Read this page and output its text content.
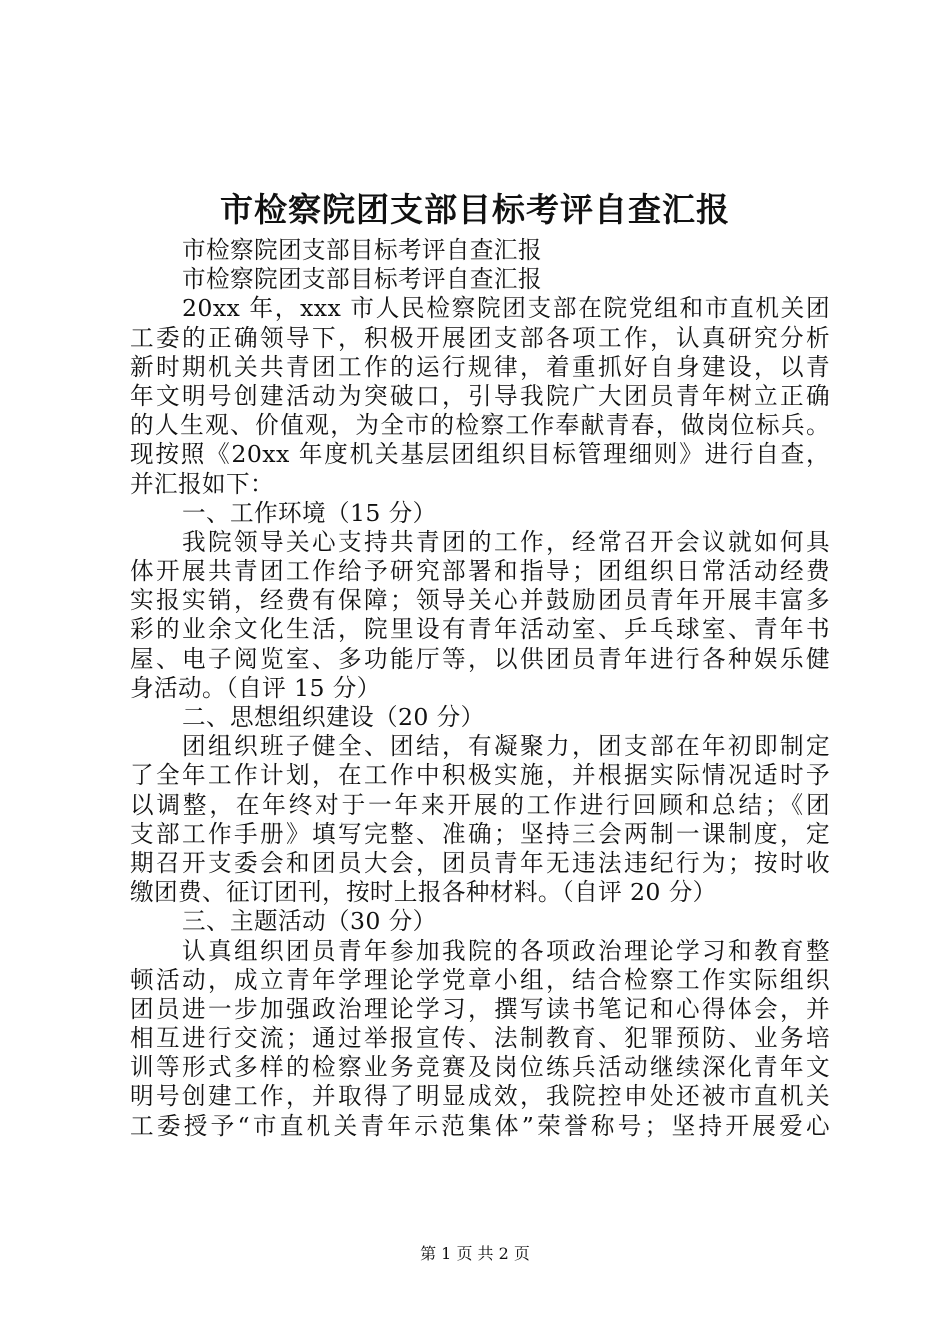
市检察院团支部目标考评自查汇报
市检察院团支部目标考评自查汇报
市检察院团支部目标考评自查汇报
20xx 年，xxx 市人民检察院团支部在院党组和市直机关团
工委的正确领导下，积极开展团支部各项工作，认真研究分析
新时期机关共青团工作的运行规律，着重抓好自身建设，以青
年文明号创建活动为突破口，引导我院广大团员青年树立正确
的人生观、价值观，为全市的检察工作奉献青春，做岗位标兵。
现按照《20xx 年度机关基层团组织目标管理细则》进行自查，
并汇报如下：
一、工作环境（15 分）
我院领导关心支持共青团的工作，经常召开会议就如何具
体开展共青团工作给予研究部署和指导；团组织日常活动经费
实报实销，经费有保障；领导关心并鼓励团员青年开展丰富多
彩的业余文化生活，院里设有青年活动室、乒乓球室、青年书
屋、电子阅览室、多功能厅等，以供团员青年进行各种娱乐健
身活动。（自评 15 分）
二、思想组织建设（20 分）
团组织班子健全、团结，有凝聚力，团支部在年初即制定
了全年工作计划，在工作中积极实施，并根据实际情况适时予
以调整，在年终对于一年来开展的工作进行回顾和总结；《团
支部工作手册》填写完整、准确；坚持三会两制一课制度，定
期召开支委会和团员大会，团员青年无违法违纪行为；按时收
缴团费、征订团刊，按时上报各种材料。（自评 20 分）
三、主题活动（30 分）
认真组织团员青年参加我院的各项政治理论学习和教育整
顿活动，成立青年学理论学党章小组，结合检察工作实际组织
团员进一步加强政治理论学习，撰写读书笔记和心得体会，并
相互进行交流；通过举报宣传、法制教育、犯罪预防、业务培
训等形式多样的检察业务竞赛及岗位练兵活动继续深化青年文
明号创建工作，并取得了明显成效，我院控申处还被市直机关
工委授予“市直机关青年示范集体”荣誉称号；坚持开展爱心
第 1 页 共 2 页
